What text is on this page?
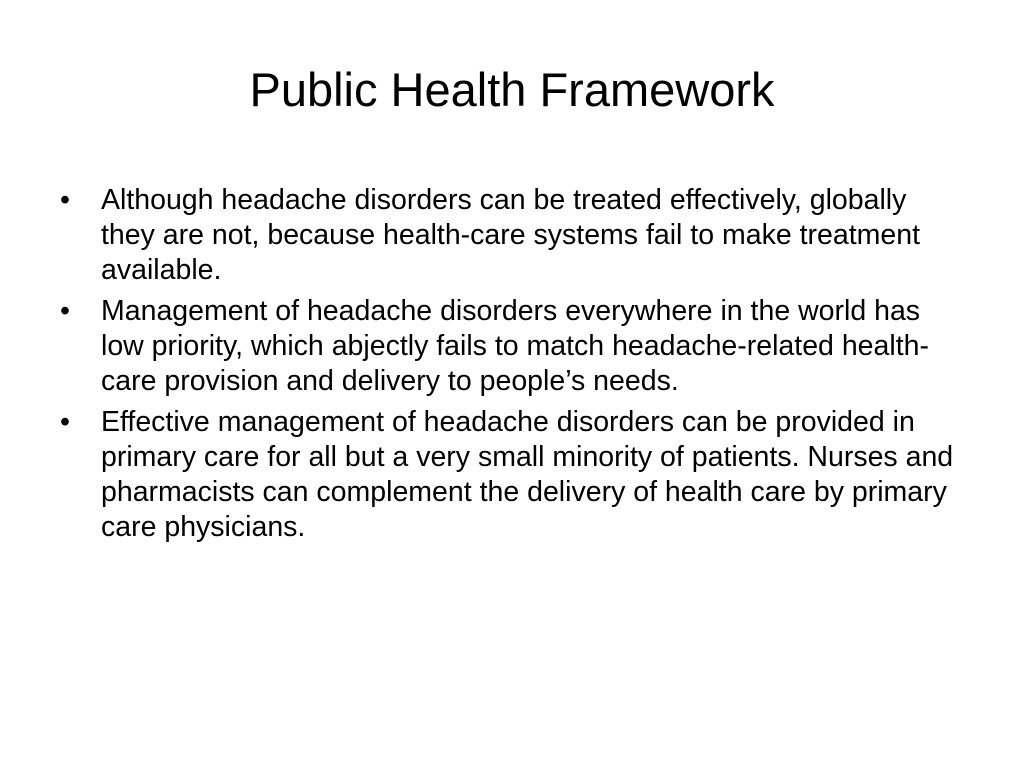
Public Health Framework
•	Although headache disorders can be treated effectively, globally they are not, because health-care systems fail to make treatment available.
•	Management of headache disorders everywhere in the world has low priority, which abjectly fails to match headache-related health-care provision and delivery to people’s needs.
•	Effective management of headache disorders can be provided in primary care for all but a very small minority of patients. Nurses and pharmacists can complement the delivery of health care by primary care physicians.
